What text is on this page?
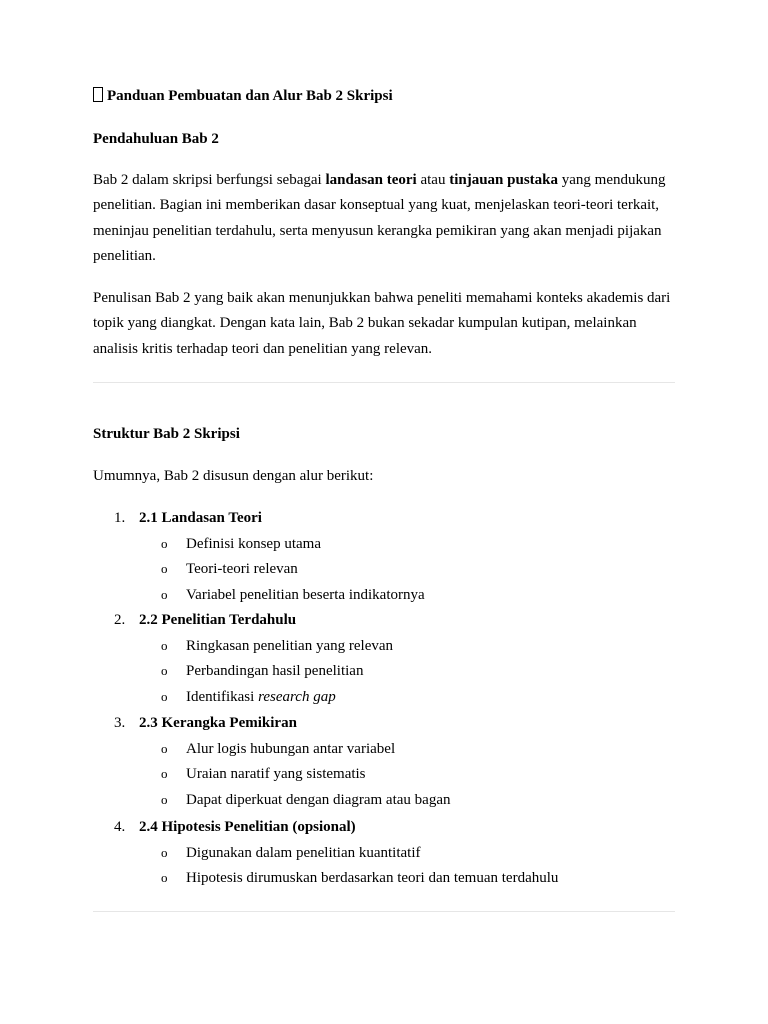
Panduan Pembuatan dan Alur Bab 2 Skripsi
Pendahuluan Bab 2

Bab 2 dalam skripsi berfungsi sebagai landasan teori atau tinjauan pustaka yang mendukung penelitian. Bagian ini memberikan dasar konseptual yang kuat, menjelaskan teori-teori terkait, meninjau penelitian terdahulu, serta menyusun kerangka pemikiran yang akan menjadi pijakan penelitian.

Penulisan Bab 2 yang baik akan menunjukkan bahwa peneliti memahami konteks akademis dari topik yang diangkat. Dengan kata lain, Bab 2 bukan sekadar kumpulan kutipan, melainkan analisis kritis terhadap teori dan penelitian yang relevan.

Struktur Bab 2 Skripsi
Umumnya, Bab 2 disusun dengan alur berikut:
1. 2.1 Landasan Teori
o Definisi konsep utama
o Teori-teori relevan
o Variabel penelitian beserta indikatornya
2. 2.2 Penelitian Terdahulu
o Ringkasan penelitian yang relevan
o Perbandingan hasil penelitian
o Identifikasi research gap
3. 2.3 Kerangka Pemikiran
o Alur logis hubungan antar variabel
o Uraian naratif yang sistematis
o Dapat diperkuat dengan diagram atau bagan
4. 2.4 Hipotesis Penelitian (opsional)
o Digunakan dalam penelitian kuantitatif
o Hipotesis dirumuskan berdasarkan teori dan temuan terdahulu
